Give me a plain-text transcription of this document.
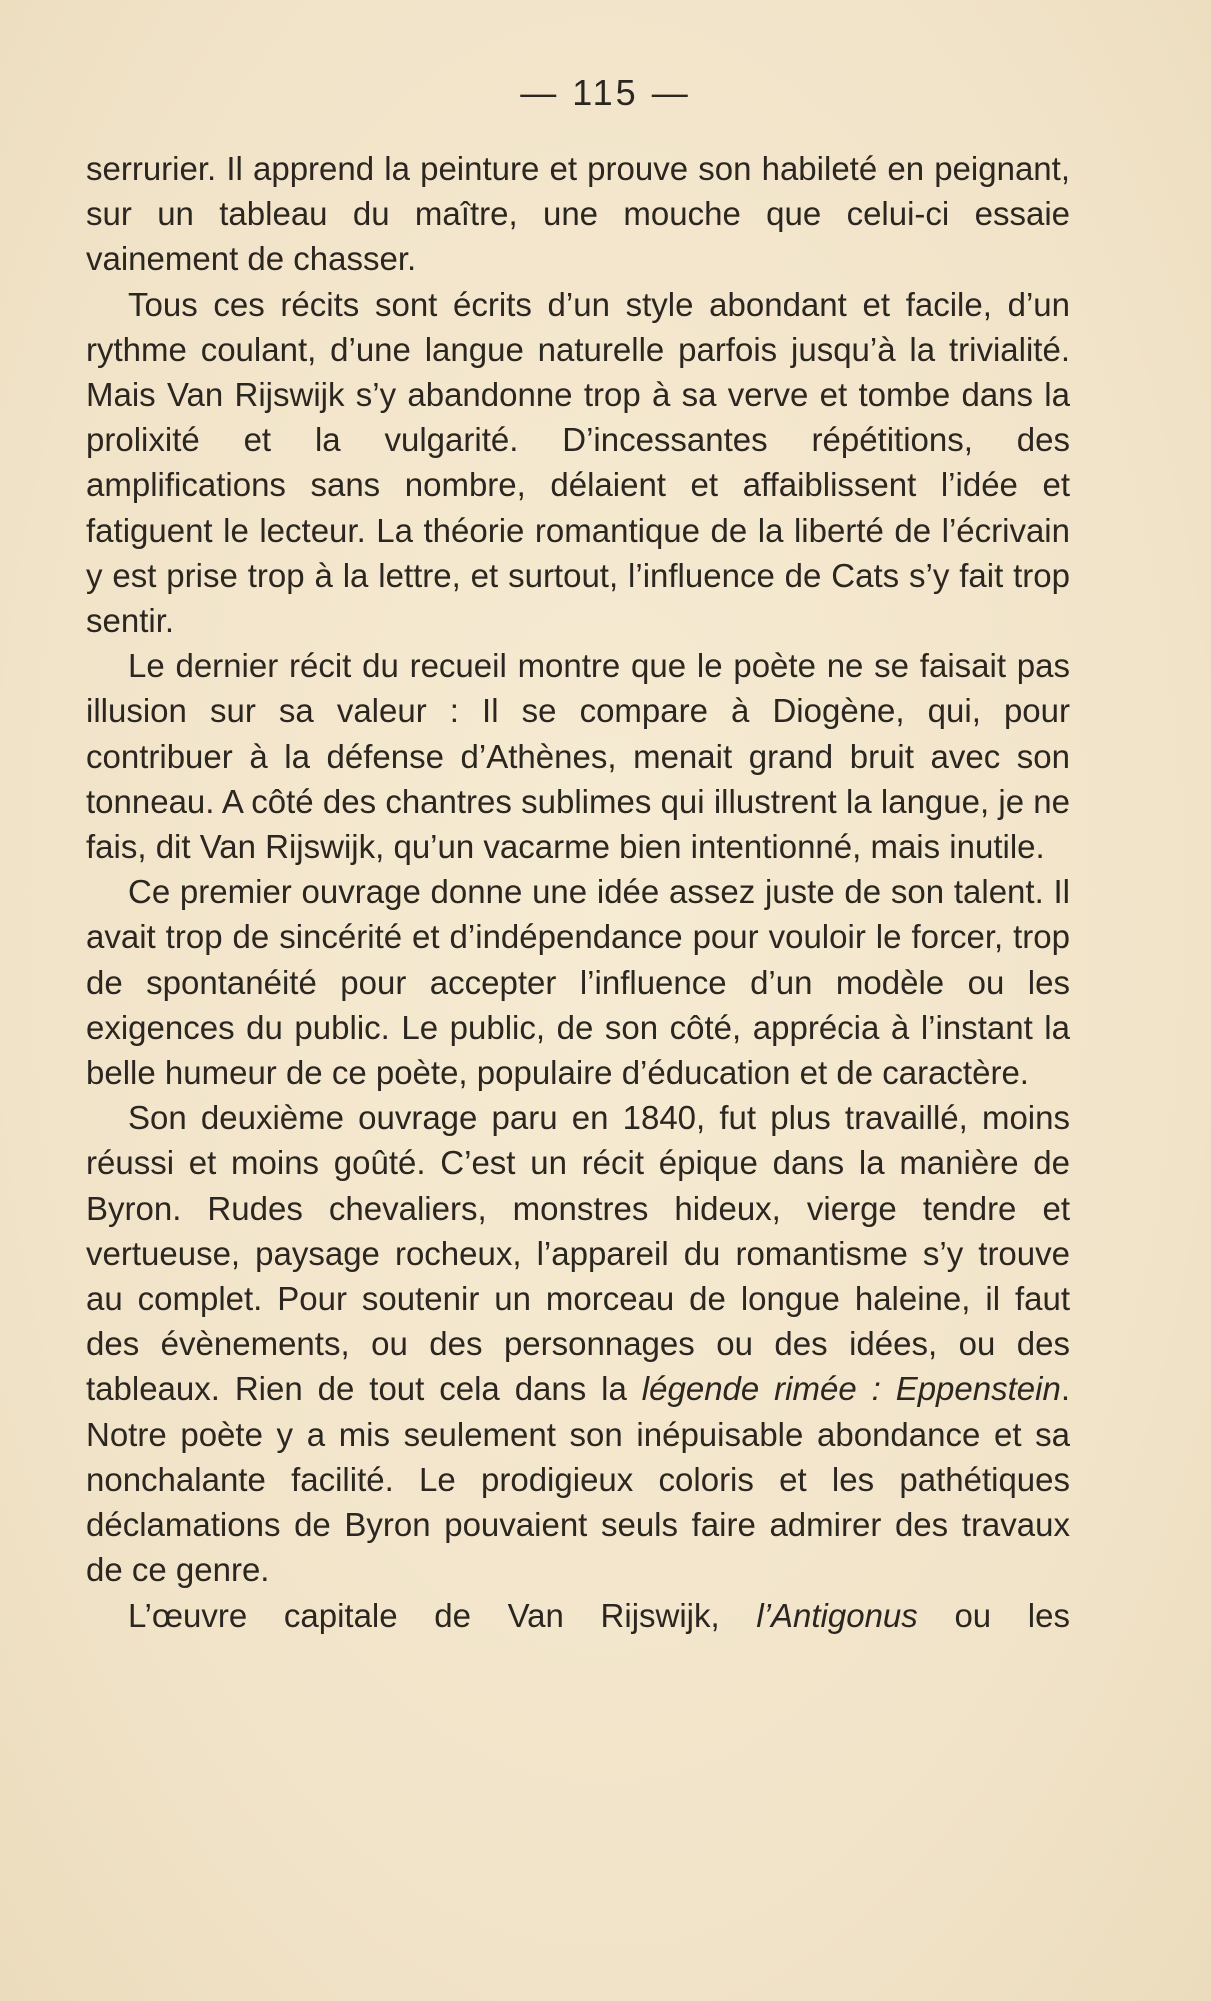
— 115 —

serrurier. Il apprend la peinture et prouve son habileté en peignant, sur un tableau du maître, une mouche que celui-ci essaie vainement de chasser.

Tous ces récits sont écrits d’un style abondant et facile, d’un rythme coulant, d’une langue naturelle parfois jusqu’à la trivialité. Mais Van Rijswijk s’y abandonne trop à sa verve et tombe dans la prolixité et la vulgarité. D’incessantes répétitions, des amplifications sans nombre, délaient et affaiblissent l’idée et fatiguent le lecteur. La théorie romantique de la liberté de l’écrivain y est prise trop à la lettre, et surtout, l’influence de Cats s’y fait trop sentir.

Le dernier récit du recueil montre que le poète ne se faisait pas illusion sur sa valeur : Il se compare à Diogène, qui, pour contribuer à la défense d’Athènes, menait grand bruit avec son tonneau. A côté des chantres sublimes qui illustrent la langue, je ne fais, dit Van Rijswijk, qu’un vacarme bien intentionné, mais inutile.

Ce premier ouvrage donne une idée assez juste de son talent. Il avait trop de sincérité et d’indépendance pour vouloir le forcer, trop de spontanéité pour accepter l’influence d’un modèle ou les exigences du public. Le public, de son côté, apprécia à l’instant la belle humeur de ce poète, populaire d’éducation et de caractère.

Son deuxième ouvrage paru en 1840, fut plus travaillé, moins réussi et moins goûté. C’est un récit épique dans la manière de Byron. Rudes chevaliers, monstres hideux, vierge tendre et vertueuse, paysage rocheux, l’appareil du romantisme s’y trouve au complet. Pour soutenir un morceau de longue haleine, il faut des évènements, ou des personnages ou des idées, ou des tableaux. Rien de tout cela dans la légende rimée : Eppenstein. Notre poète y a mis seulement son inépuisable abondance et sa nonchalante facilité. Le prodigieux coloris et les pathétiques déclamations de Byron pouvaient seuls faire admirer des travaux de ce genre.

L’œuvre capitale de Van Rijswijk, l’Antigonus ou les
